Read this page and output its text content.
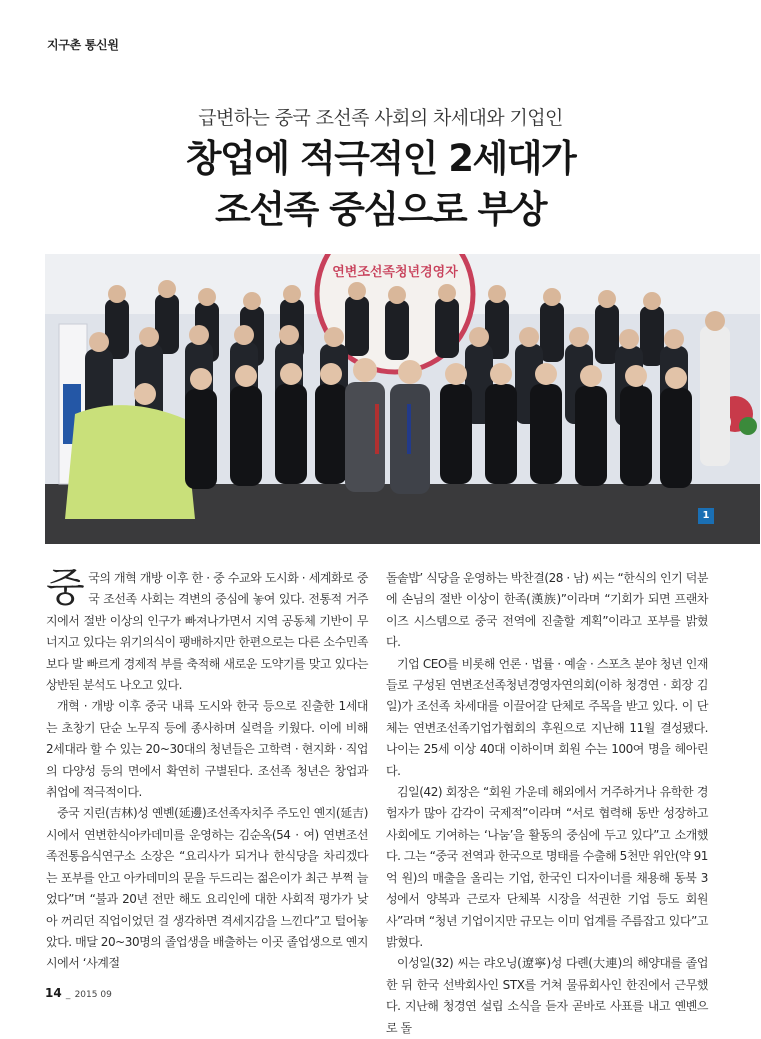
지구촌 통신원
급변하는 중국 조선족 사회의 차세대와 기업인
창업에 적극적인 2세대가
조선족 중심으로 부상
연변조선족청년경영자
1

중국의 개혁 개방 이후 한 · 중 수교와 도시화 · 세계화로 중국 조선족 사회는 격변의 중심에 놓여 있다. 전통적 거주지에서 절반 이상의 인구가 빠져나가면서 지역 공동체 기반이 무너지고 있다는 위기의식이 팽배하지만 한편으로는 다른 소수민족보다 발 빠르게 경제적 부를 축적해 새로운 도약기를 맞고 있다는 상반된 분석도 나오고 있다.

개혁 · 개방 이후 중국 내륙 도시와 한국 등으로 진출한 1세대는 초창기 단순 노무직 등에 종사하며 실력을 키웠다. 이에 비해 2세대라 할 수 있는 20~30대의 청년들은 고학력 · 현지화 · 직업의 다양성 등의 면에서 확연히 구별된다. 조선족 청년은 창업과 취업에 적극적이다.

중국 지린(吉林)성 옌볜(延邊)조선족자치주 주도인 옌지(延吉)시에서 연변한식아카데미를 운영하는 김순옥(54 · 여) 연변조선족전통음식연구소 소장은 “요리사가 되거나 한식당을 차리겠다는 포부를 안고 아카데미의 문을 두드리는 젊은이가 최근 부쩍 늘었다”며 “불과 20년 전만 해도 요리인에 대한 사회적 평가가 낮아 꺼리던 직업이었던 걸 생각하면 격세지감을 느낀다”고 털어놓았다. 매달 20~30명의 졸업생을 배출하는 이곳 졸업생으로 옌지시에서 ‘사계절

돌솥밥’ 식당을 운영하는 박찬결(28 · 남) 씨는 “한식의 인기 덕분에 손님의 절반 이상이 한족(漢族)”이라며 “기회가 되면 프랜차이즈 시스템으로 중국 전역에 진출할 계획”이라고 포부를 밝혔다.

기업 CEO를 비롯해 언론 · 법률 · 예술 · 스포츠 분야 청년 인재들로 구성된 연변조선족청년경영자연의회(이하 청경연 · 회장 김일)가 조선족 차세대를 이끌어갈 단체로 주목을 받고 있다. 이 단체는 연변조선족기업가협회의 후원으로 지난해 11월 결성됐다. 나이는 25세 이상 40대 이하이며 회원 수는 100여 명을 헤아린다.

김일(42) 회장은 “회원 가운데 해외에서 거주하거나 유학한 경험자가 많아 감각이 국제적”이라며 “서로 협력해 동반 성장하고 사회에도 기여하는 ‘나눔’을 활동의 중심에 두고 있다”고 소개했다. 그는 “중국 전역과 한국으로 명태를 수출해 5천만 위안(약 91억 원)의 매출을 올리는 기업, 한국인 디자이너를 채용해 동북 3성에서 양복과 근로자 단체복 시장을 석권한 기업 등도 회원사”라며 “청년 기업이지만 규모는 이미 업계를 주름잡고 있다”고 밝혔다.

이성일(32) 씨는 랴오닝(遼寧)성 다롄(大連)의 해양대를 졸업한 뒤 한국 선박회사인 STX를 거쳐 물류회사인 한진에서 근무했다. 지난해 청경연 설립 소식을 듣자 곧바로 사표를 내고 옌볜으로 돌

14 _ 2015 09
